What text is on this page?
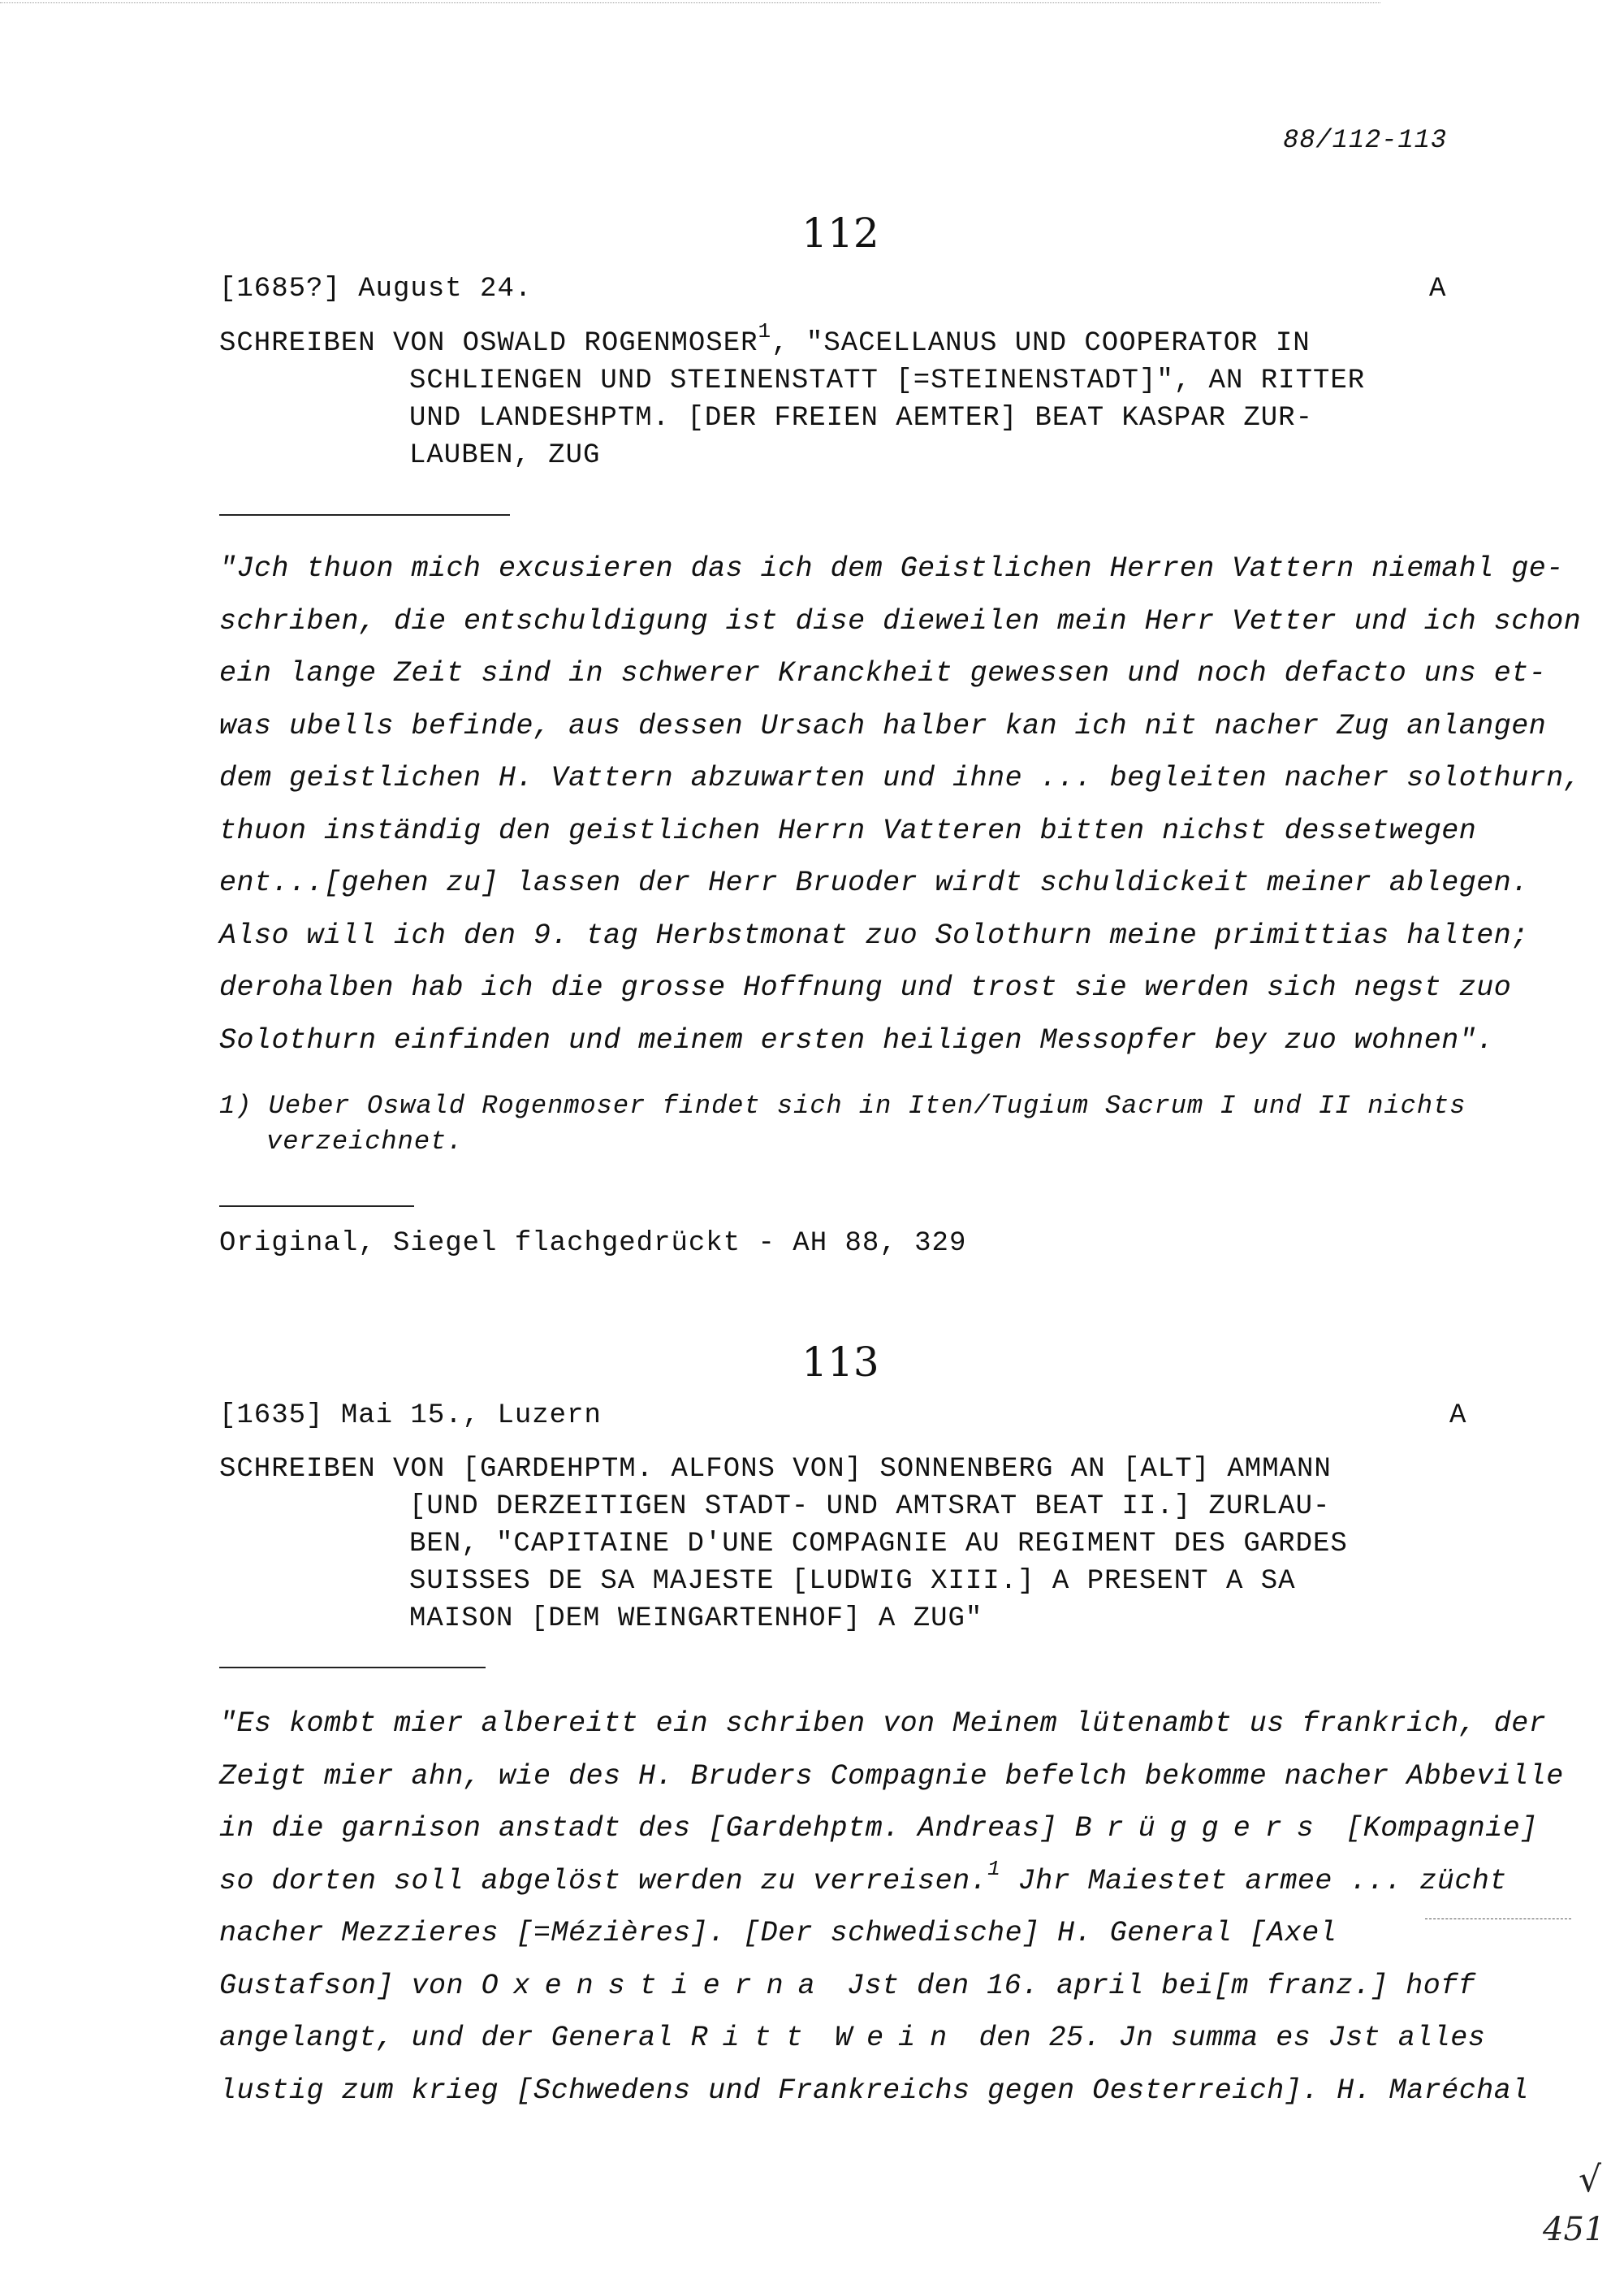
88/112-113
112
[1685?] August 24.	A
SCHREIBEN VON OSWALD ROGENMOSER$^1$, "SACELLANUS UND COOPERATOR IN
SCHLIENGEN UND STEINENSTATT [=STEINENSTADT]", AN RITTER
UND LANDESHPTM. [DER FREIEN AEMTER] BEAT KASPAR ZUR-
LAUBEN, ZUG
"Jch thuon mich excusieren das ich dem Geistlichen Herren Vattern niemahl ge-
schriben, die entschuldigung ist dise dieweilen mein Herr Vetter und ich schon
ein lange Zeit sind in schwerer Kranckheit gewessen und noch defacto uns et-
was ubells befinde, aus dessen Ursach halber kan ich nit nacher Zug anlangen
dem geistlichen H. Vattern abzuwarten und ihne ... begleiten nacher solothurn,
thuon inständig den geistlichen Herrn Vatteren bitten nichst dessetwegen
ent...[gehen zu] lassen der Herr Bruoder wirdt schuldickeit meiner ablegen.
Also will ich den 9. tag Herbstmonat zuo Solothurn meine primittias halten;
derohalben hab ich die grosse Hoffnung und trost sie werden sich negst zuo
Solothurn einfinden und meinem ersten heiligen Messopfer bey zuo wohnen".
1) Ueber Oswald Rogenmoser findet sich in Iten/Tugium Sacrum I und II nichts
verzeichnet.
Original, Siegel flachgedrückt - AH 88, 329
113
[1635] Mai 15., Luzern	A
SCHREIBEN VON [GARDEHPTM. ALFONS VON] SONNENBERG AN [ALT] AMMANN
[UND DERZEITIGEN STADT- UND AMTSRAT BEAT II.] ZURLAU-
BEN, "CAPITAINE D'UNE COMPAGNIE AU REGIMENT DES GARDES
SUISSES DE SA MAJESTE [LUDWIG XIII.] A PRESENT A SA
MAISON [DEM WEINGARTENHOF] A ZUG"
"Es kombt mier albereitt ein schriben von Meinem lütenambt us frankrich, der
Zeigt mier ahn, wie des H. Bruders Compagnie befelch bekomme nacher Abbeville
in die garnison anstadt des [Gardehptm. Andreas] Brüggers [Kompagnie]
so dorten soll abgelöst werden zu verreisen.$^1$ Jhr Maiestet armee ... zücht
nacher Mezzieres [=Mézières]. [Der schwedische] H. General [Axel
Gustafson] von Oxenstierna Jst den 16. april bei[m franz.] hoff
angelangt, und der General Ritt Wein den 25. Jn summa es Jst alles
lustig zum krieg [Schwedens und Frankreichs gegen Oesterreich]. H. Maréchal
√
451
